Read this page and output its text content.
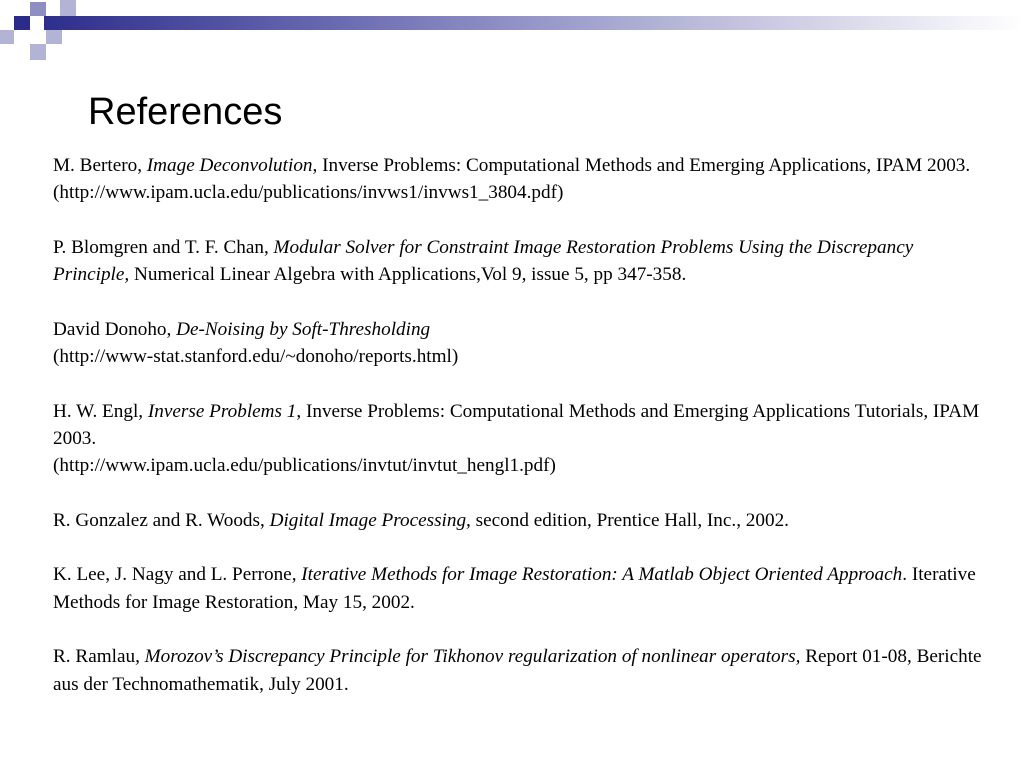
References

M. Bertero, Image Deconvolution, Inverse Problems: Computational Methods and Emerging Applications, IPAM 2003. (http://www.ipam.ucla.edu/publications/invws1/invws1_3804.pdf)

P. Blomgren and T. F. Chan, Modular Solver for Constraint Image Restoration Problems Using the Discrepancy Principle, Numerical Linear Algebra with Applications,Vol 9, issue 5, pp 347-358.

David Donoho, De-Noising by Soft-Thresholding
(http://www-stat.stanford.edu/~donoho/reports.html)

H. W. Engl, Inverse Problems 1, Inverse Problems: Computational Methods and Emerging Applications Tutorials, IPAM 2003.
(http://www.ipam.ucla.edu/publications/invtut/invtut_hengl1.pdf)

R. Gonzalez and R. Woods, Digital Image Processing, second edition, Prentice Hall, Inc., 2002.

K. Lee, J. Nagy and L. Perrone, Iterative Methods for Image Restoration: A Matlab Object Oriented Approach. Iterative Methods for Image Restoration, May 15, 2002.

R. Ramlau, Morozov’s Discrepancy Principle for Tikhonov regularization of nonlinear operators, Report 01-08, Berichte aus der Technomathematik, July 2001.
